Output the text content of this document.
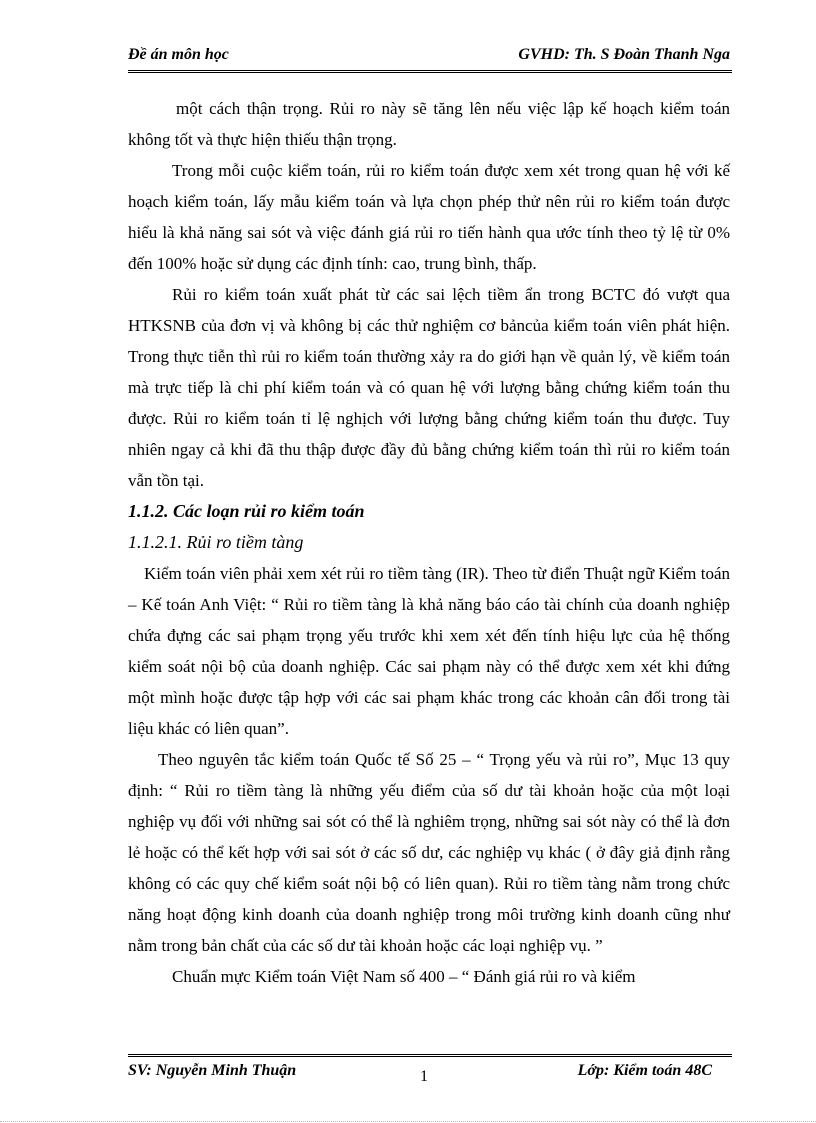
Đề án môn học	GVHD: Th. S Đoàn Thanh Nga

một cách thận trọng. Rủi ro này sẽ tăng lên nếu việc lập kế hoạch kiểm toán không tốt và thực hiện thiếu thận trọng.

Trong mỗi cuộc kiểm toán, rủi ro kiểm toán được xem xét trong quan hệ với kế hoạch kiểm toán, lấy mẫu kiểm toán và lựa chọn phép thử nên rủi ro kiểm toán được hiểu là khả năng sai sót và việc đánh giá rủi ro tiến hành qua ước tính theo tỷ lệ từ 0% đến 100% hoặc sử dụng các định tính: cao, trung bình, thấp.

Rủi ro kiểm toán xuất phát từ các sai lệch tiềm ẩn trong BCTC đó vượt qua HTKSNB của đơn vị và không bị các thử nghiệm cơ bảncủa kiểm toán viên phát hiện. Trong thực tiễn thì rủi ro kiểm toán thường xảy ra do giới hạn về quản lý, về kiểm toán mà trực tiếp là chi phí kiểm toán và có quan hệ với lượng bằng chứng kiểm toán thu được. Rủi ro kiểm toán tỉ lệ nghịch với lượng bằng chứng kiểm toán thu được. Tuy nhiên ngay cả khi đã thu thập được đầy đủ bằng chứng kiểm toán thì rủi ro kiểm toán vẫn tồn tại.

1.1.2. Các loạn rủi ro kiểm toán

1.1.2.1. Rủi ro tiềm tàng

Kiểm toán viên phải xem xét rủi ro tiềm tàng (IR). Theo từ điển Thuật ngữ Kiểm toán – Kế toán Anh Việt: “ Rủi ro tiềm tàng là khả năng báo cáo tài chính của doanh nghiệp chứa đựng các sai phạm trọng yếu trước khi xem xét đến tính hiệu lực của hệ thống kiểm soát nội bộ của doanh nghiệp. Các sai phạm này có thể được xem xét khi đứng một mình hoặc được tập hợp với các sai phạm khác trong các khoản cân đối trong tài liệu khác có liên quan”.

Theo nguyên tắc kiểm toán Quốc tế Số 25 – “ Trọng yếu và rủi ro”, Mục 13 quy định: “ Rủi ro tiềm tàng là những yếu điểm của số dư tài khoản hoặc của một loại nghiệp vụ đối với những sai sót có thể là nghiêm trọng, những sai sót này có thể là đơn lẻ hoặc có thể kết hợp với sai sót ở các số dư, các nghiệp vụ khác ( ở đây giả định rằng không có các quy chế kiểm soát nội bộ có liên quan). Rủi ro tiềm tàng nằm trong chức năng hoạt động kinh doanh của doanh nghiệp trong môi trường kinh doanh cũng như nằm trong bản chất của các số dư tài khoản hoặc các loại nghiệp vụ. ”

Chuẩn mực Kiểm toán Việt Nam số 400 – “ Đánh giá rủi ro và kiểm

SV: Nguyễn Minh Thuận	1	Lớp: Kiểm toán 48C
